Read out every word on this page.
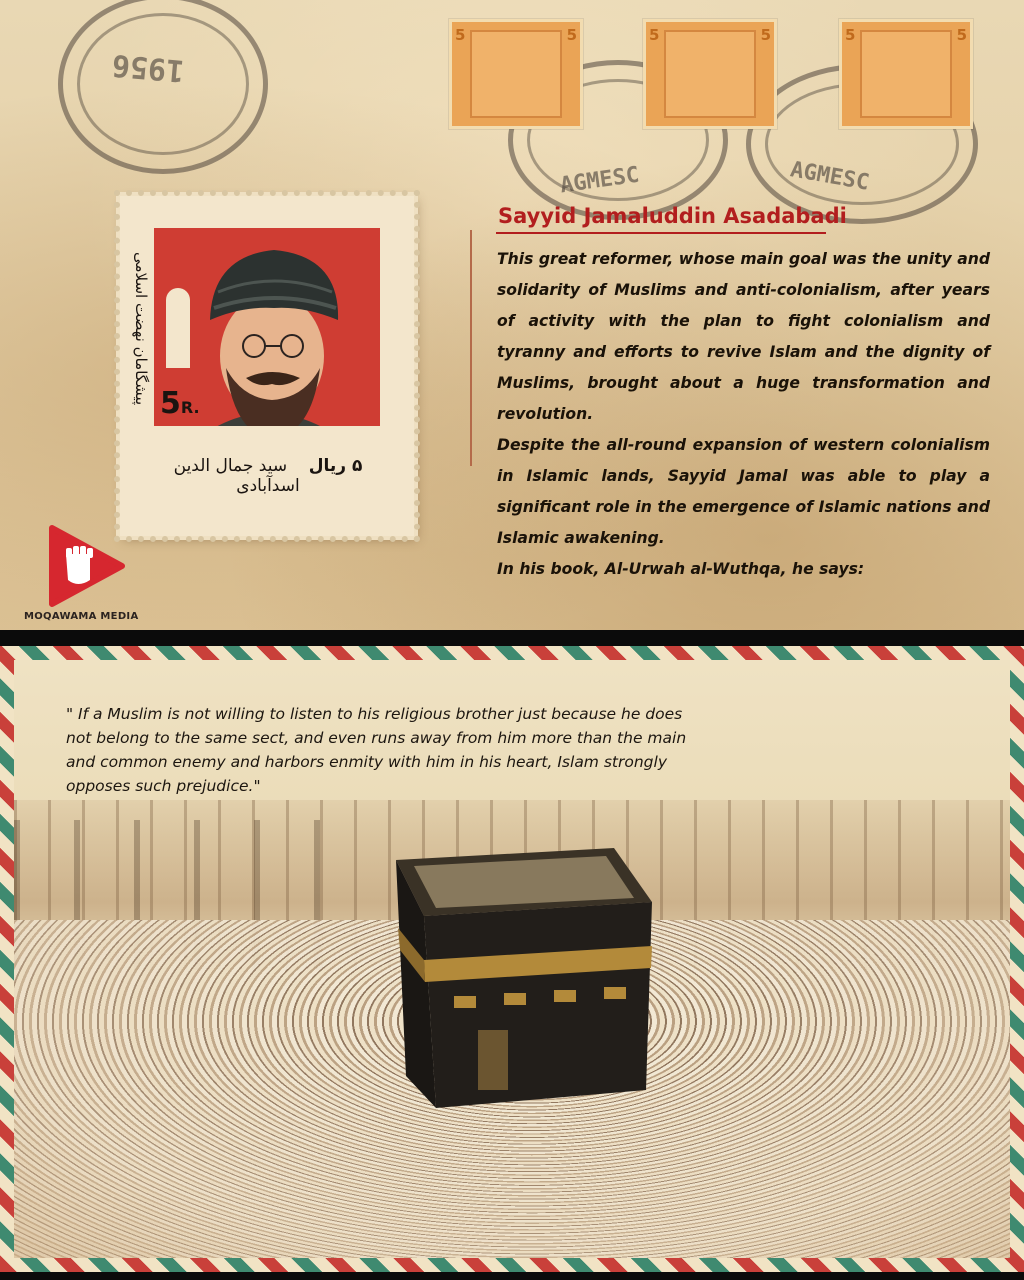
1956
AGMESC	AGMESC
5	5	5	5	5	5
پیشگامان نهضت اسلامی 5R.
۵ ریال    سید جمال الدین اسدآبادی
Sayyid Jamaluddin Asadabadi

This great reformer, whose main goal was the unity and solidarity of Muslims and anti-colonialism, after years of activity with the plan to fight colonialism and tyranny and efforts to revive Islam and the dignity of Muslims, brought about a huge transformation and revolution.

Despite the all-round expansion of western colonialism in Islamic lands, Sayyid Jamal was able to play a significant role in the emergence of Islamic nations and Islamic awakening.

In his book, Al-Urwah al-Wuthqa, he says:

MOQAWAMA MEDIA

" If a Muslim is not willing to listen to his religious brother just because he does not belong to the same sect, and even runs away from him more than the main and common enemy and harbors enmity with him in his heart, Islam strongly opposes such prejudice."
